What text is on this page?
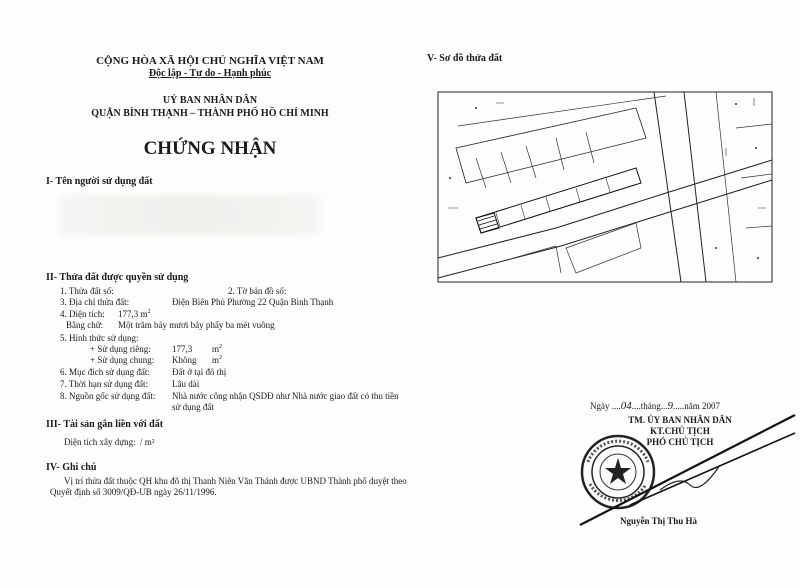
CỘNG HÒA XÃ HỘI CHỦ NGHĨA VIỆT NAM
Độc lập - Tự do - Hạnh phúc
UỶ BAN NHÂN DÂN
QUẬN BÌNH THẠNH – THÀNH PHỐ HỒ CHÍ MINH
CHỨNG NHẬN
I- Tên người sử dụng đất
II- Thửa đất được quyền sử dụng
1. Thửa đất số:	2. Tờ bản đồ số:
3. Địa chỉ thửa đất:	Điện Biên Phủ Phường 22 Quận Bình Thạnh
4. Diện tích: 177,3 $m^2$
Bằng chữ: Một trăm bảy mươi bảy phẩy ba mét vuông
5. Hình thức sử dụng:
+ Sử dụng riêng: 177,3 $m^2$
+ Sử dụng chung: Không $m^2$
6. Mục đích sử dụng đất: Đất ở tại đô thị
7. Thời hạn sử dụng đất:	Lâu dài
8. Nguồn gốc sử dụng đất: Nhà nước công nhận QSDĐ như Nhà nước giao đất có thu tiền
sử dụng đất
III- Tài sản gắn liền với đất
Diện tích xây dựng: / m²
IV- Ghi chú
Vị trí thửa đất thuộc QH khu đô thị Thanh Niên Văn Thánh được UBND Thành phố duyệt theo
Quyết định số 3009/QĐ-UB ngày 26/11/1996.
V- Sơ đồ thửa đất
Ngày ....04....tháng...9.....năm 2007
TM. ỦY BAN NHÂN DÂN
KT.CHỦ TỊCH
PHÓ CHỦ TỊCH
Nguyễn Thị Thu Hà
